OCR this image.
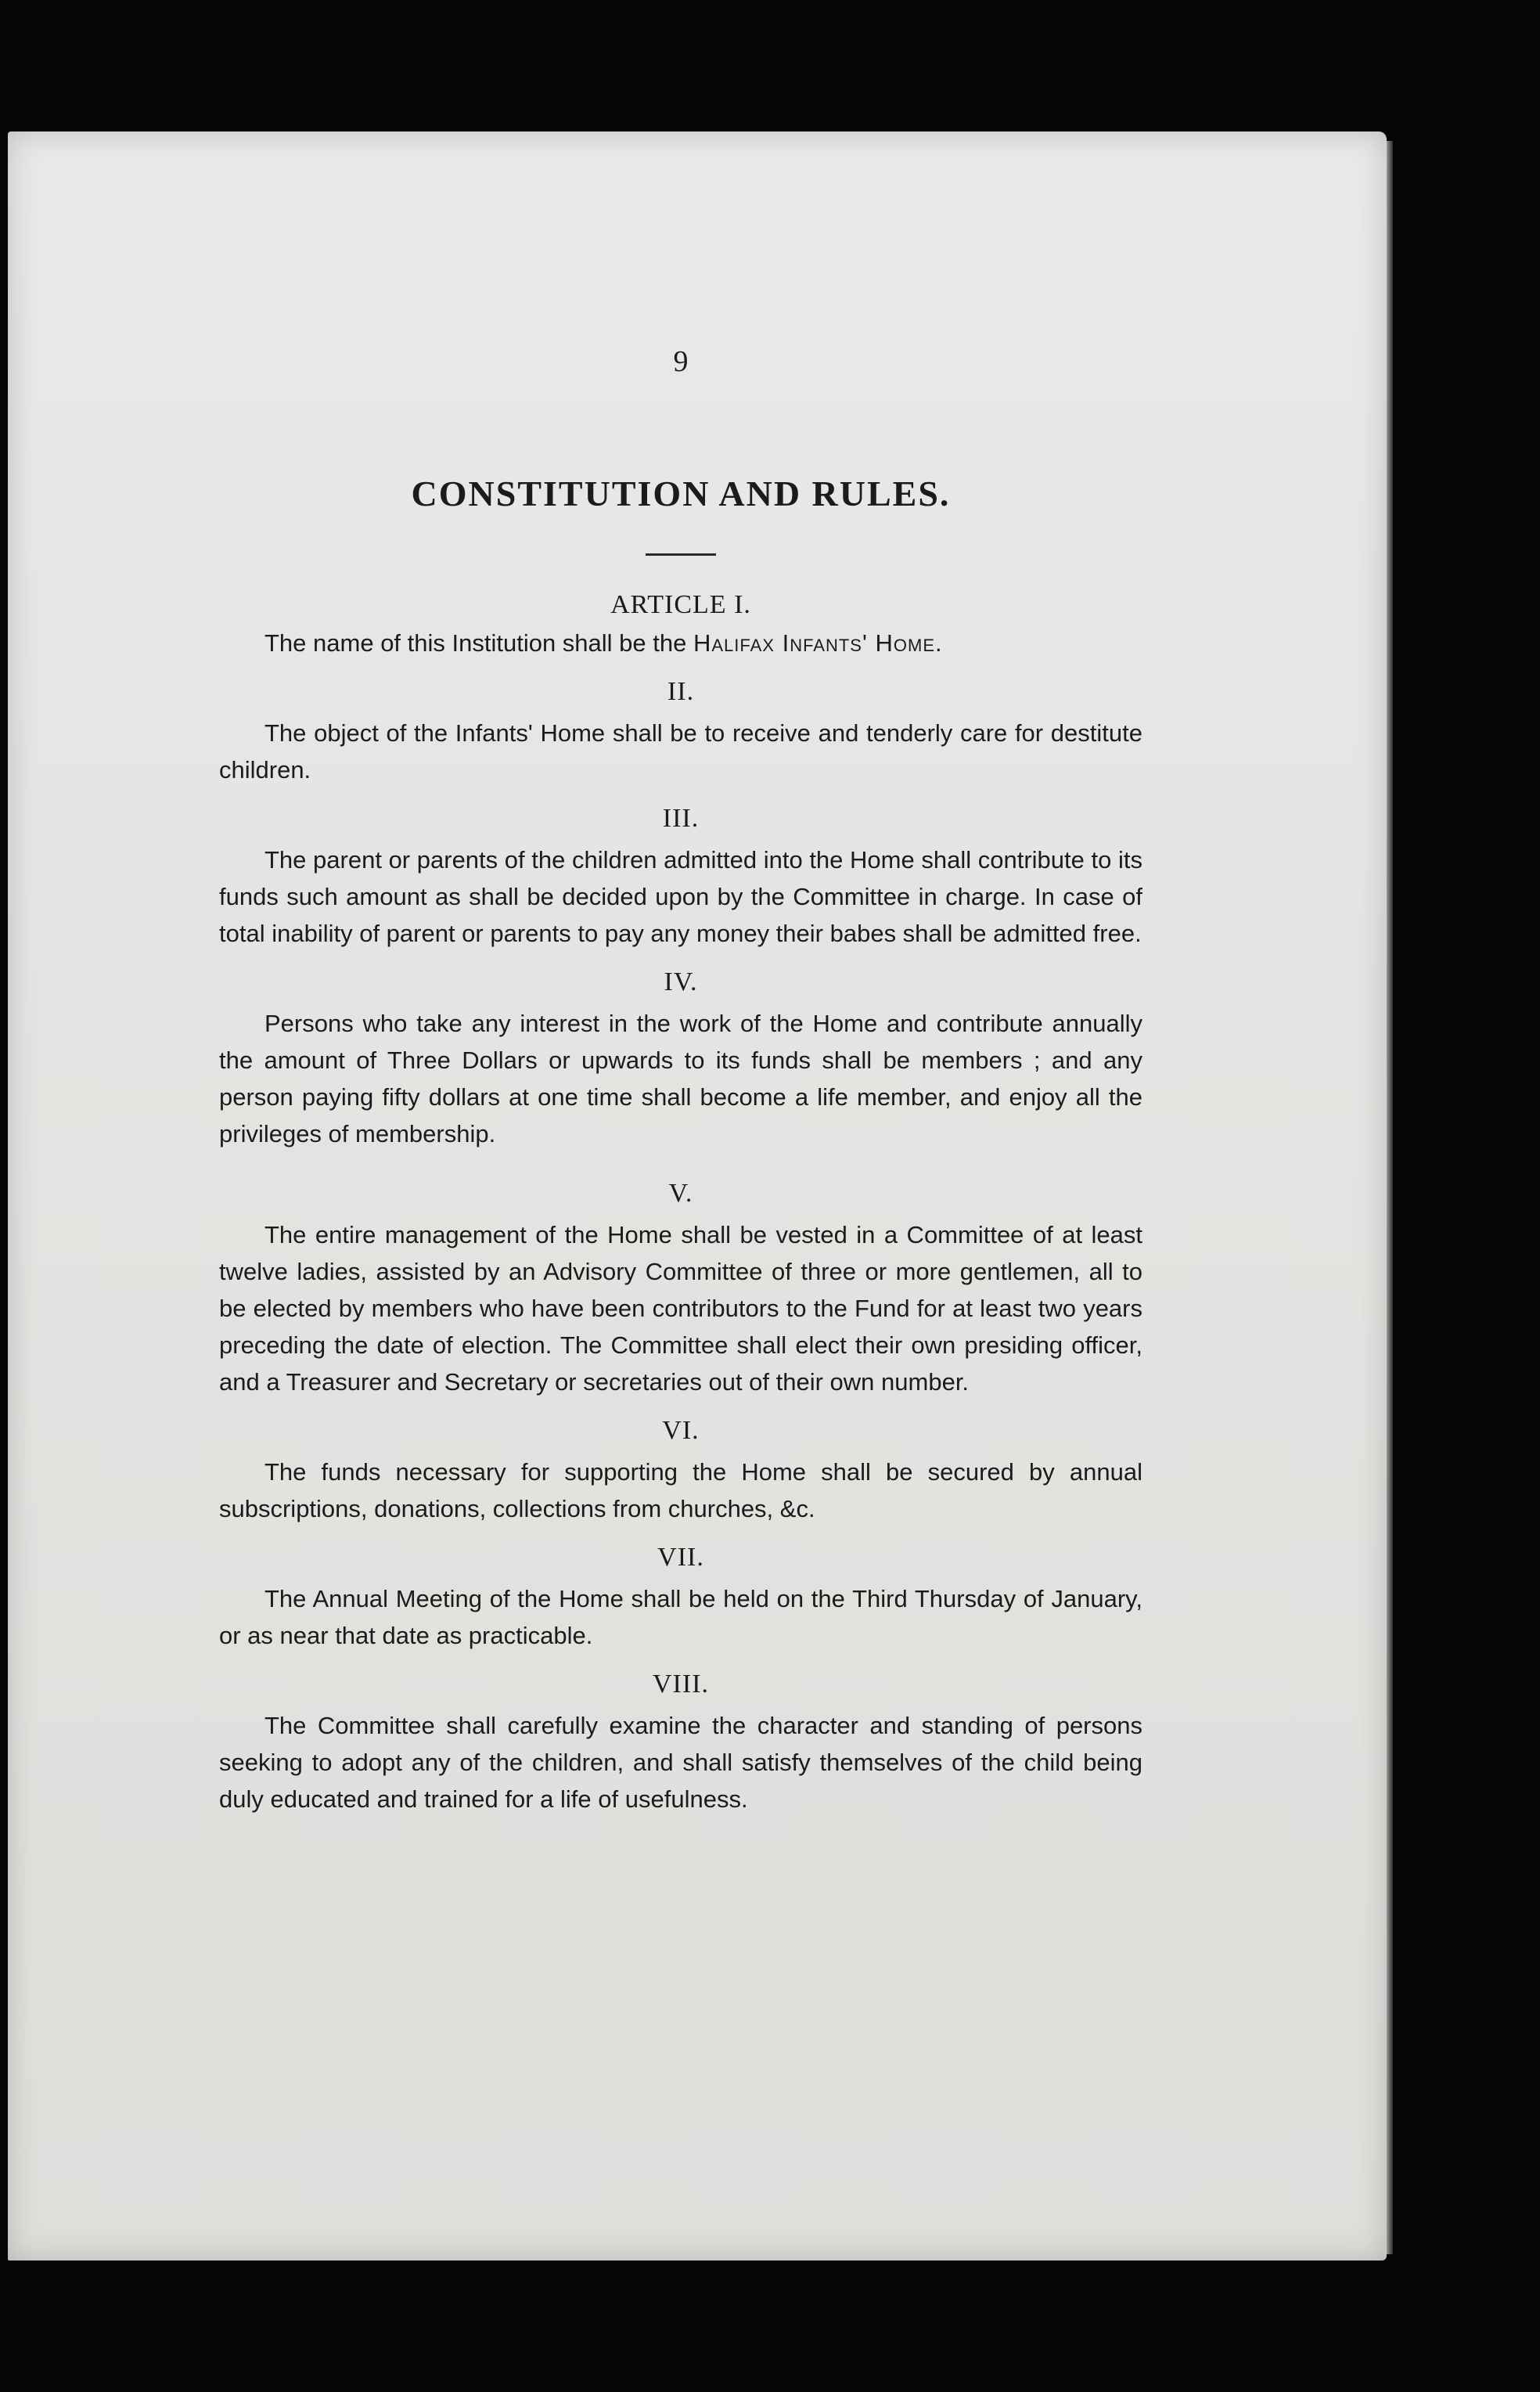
9
CONSTITUTION AND RULES.
ARTICLE I.

The name of this Institution shall be the Halifax Infants' Home.

II.

The object of the Infants' Home shall be to receive and tenderly care for destitute children.

III.

The parent or parents of the children admitted into the Home shall contribute to its funds such amount as shall be decided upon by the Committee in charge. In case of total inability of parent or parents to pay any money their babes shall be admitted free.

IV.

Persons who take any interest in the work of the Home and contribute annually the amount of Three Dollars or upwards to its funds shall be members ; and any person paying fifty dollars at one time shall become a life member, and enjoy all the privileges of membership.

V.

The entire management of the Home shall be vested in a Committee of at least twelve ladies, assisted by an Advisory Committee of three or more gentlemen, all to be elected by members who have been contributors to the Fund for at least two years preceding the date of election. The Committee shall elect their own presiding officer, and a Treasurer and Secretary or secretaries out of their own number.

VI.

The funds necessary for supporting the Home shall be secured by annual subscriptions, donations, collections from churches, &c.

VII.

The Annual Meeting of the Home shall be held on the Third Thursday of January, or as near that date as practicable.

VIII.

The Committee shall carefully examine the character and standing of persons seeking to adopt any of the children, and shall satisfy themselves of the child being duly educated and trained for a life of usefulness.
